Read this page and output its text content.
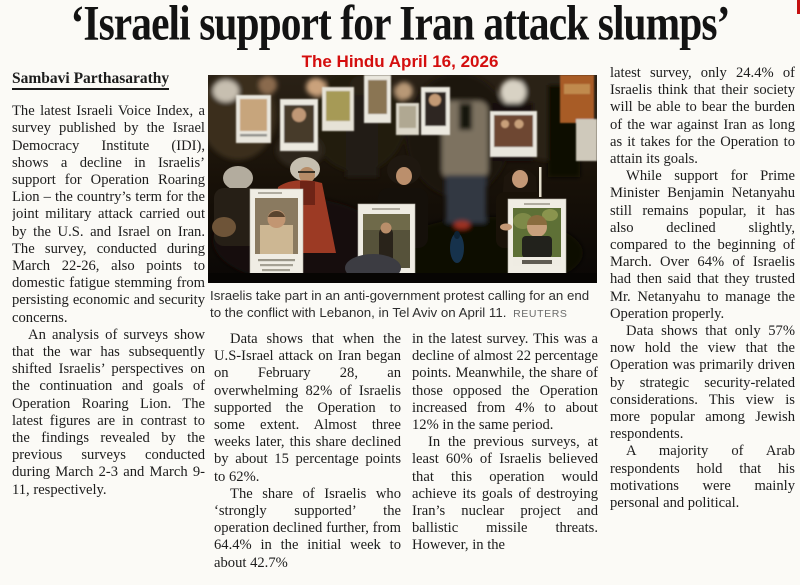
‘Israeli support for Iran attack slumps’
The Hindu April 16, 2026
Sambavi Parthasarathy

The latest Israeli Voice Index, a survey published by the Israel Democracy Institute (IDI), shows a decline in Israelis’ support for Operation Roaring Lion – the country’s term for the joint military attack carried out by the U.S. and Israel on Iran. The survey, conducted during March 22-26, also points to domestic fatigue stemming from persisting economic and security concerns.

An analysis of surveys show that the war has subsequently shifted Israelis’ perspectives on the continuation and goals of Operation Roaring Lion. The latest figures are in contrast to the findings revealed by the previous surveys conducted during March 2-3 and March 9-11, respectively.

Israelis take part in an anti-government protest calling for an end to the conflict with Lebanon, in Tel Aviv on April 11. REUTERS

Data shows that when the U.S-Israel attack on Iran began on February 28, an overwhelming 82% of Israelis supported the Operation to some extent. Almost three weeks later, this share declined by about 15 percentage points to 62%.

The share of Israelis who ‘strongly supported’ the operation declined further, from 64.4% in the initial week to about 42.7%

in the latest survey. This was a decline of almost 22 percentage points. Meanwhile, the share of those opposed the Operation increased from 4% to about 12% in the same period.

In the previous surveys, at least 60% of Israelis believed that this operation would achieve its goals of destroying Iran’s nuclear project and ballistic missile threats. However, in the

latest survey, only 24.4% of Israelis think that their society will be able to bear the burden of the war against Iran as long as it takes for the Operation to attain its goals.

While support for Prime Minister Benjamin Netanyahu still remains popular, it has also declined slightly, compared to the beginning of March. Over 64% of Israelis had then said that they trusted Mr. Netanyahu to manage the Operation properly.

Data shows that only 57% now hold the view that the Operation was primarily driven by strategic security-related considerations. This view is more popular among Jewish respondents.

A majority of Arab respondents hold that his motivations were mainly personal and political.
